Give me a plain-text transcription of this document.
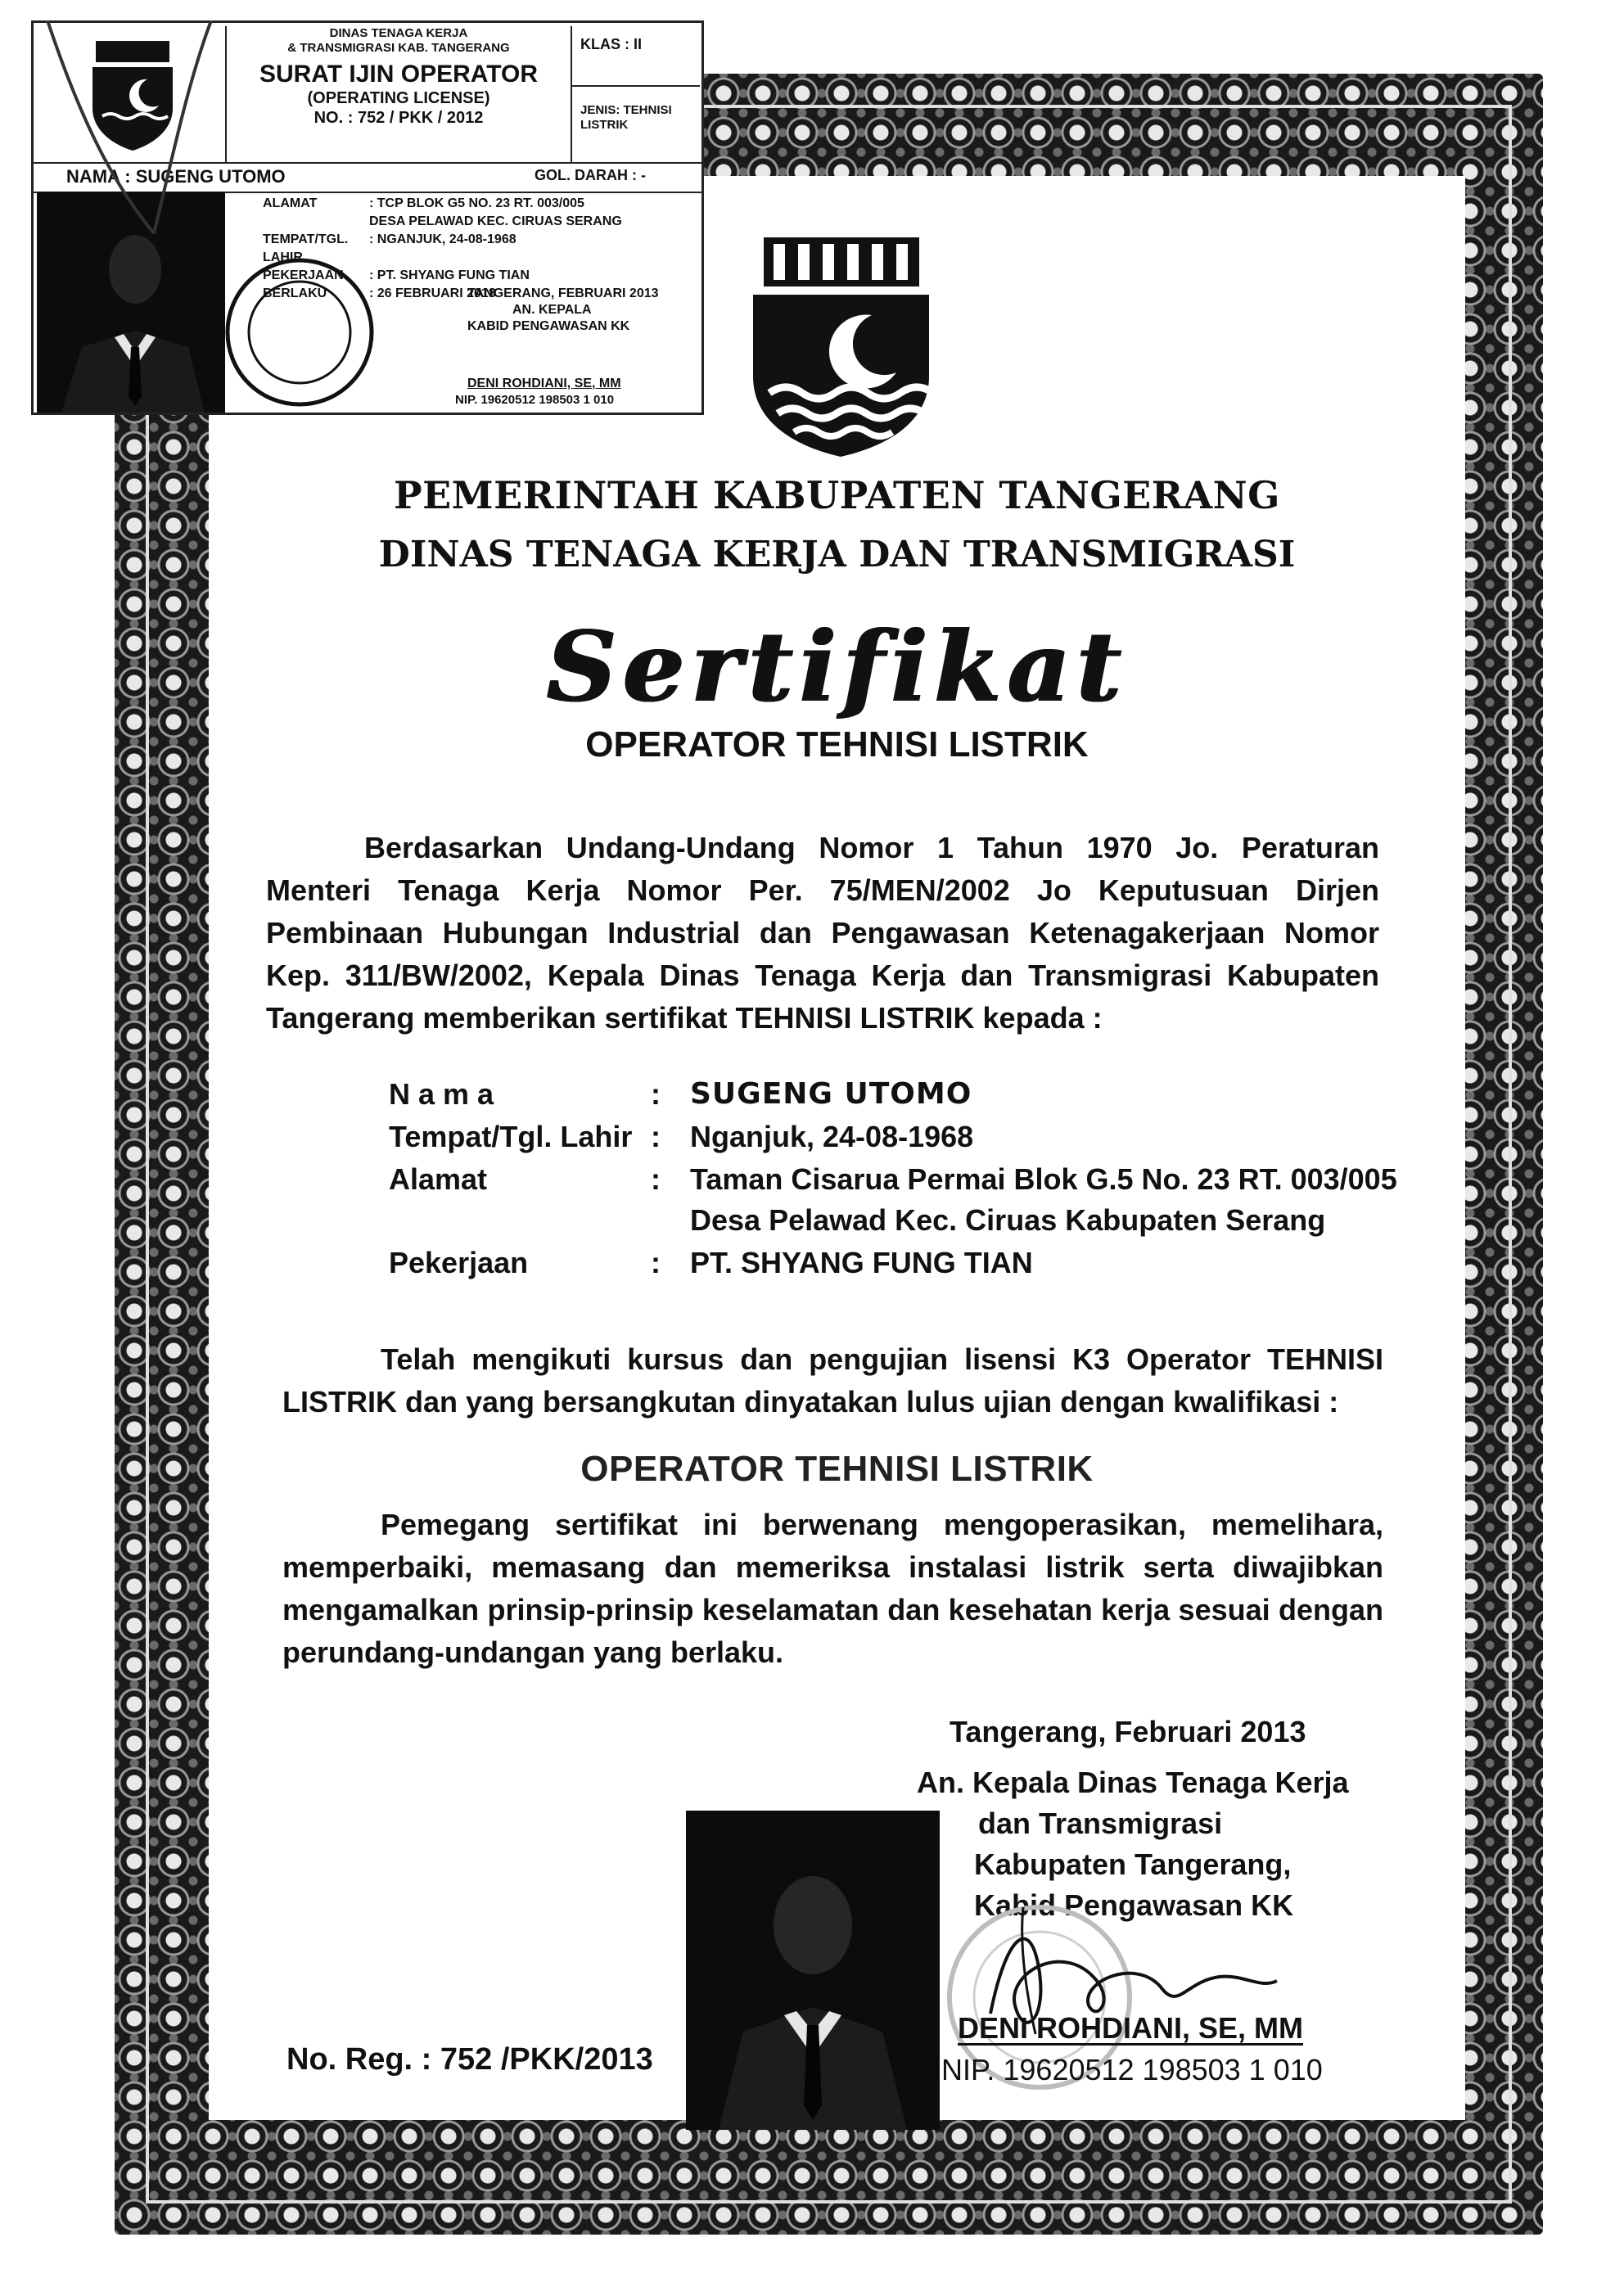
PEMERINTAH KABUPATEN TANGERANG
DINAS TENAGA KERJA DAN TRANSMIGRASI
Sertifikat
OPERATOR TEHNISI LISTRIK
Berdasarkan Undang-Undang Nomor 1 Tahun 1970 Jo. Peraturan Menteri Tenaga Kerja Nomor Per. 75/MEN/2002 Jo Keputusuan Dirjen Pembinaan Hubungan Industrial dan Pengawasan Ketenagakerjaan Nomor Kep. 311/BW/2002, Kepala Dinas Tenaga Kerja dan Transmigrasi Kabupaten Tangerang memberikan sertifikat TEHNISI LISTRIK kepada :
N a m a	:	SUGENG UTOMO
Tempat/Tgl. Lahir :	Nganjuk, 24-08-1968
Alamat	:	Taman Cisarua Permai Blok G.5 No. 23 RT. 003/005
Desa Pelawad Kec. Ciruas Kabupaten Serang
Pekerjaan	:	PT. SHYANG FUNG TIAN
Telah mengikuti kursus dan pengujian lisensi K3 Operator TEHNISI LISTRIK dan yang bersangkutan dinyatakan lulus ujian dengan kwalifikasi :
OPERATOR TEHNISI LISTRIK
Pemegang sertifikat ini berwenang mengoperasikan, memelihara, memperbaiki, memasang dan memeriksa instalasi listrik serta diwajibkan mengamalkan prinsip-prinsip keselamatan dan kesehatan kerja sesuai dengan perundang-undangan yang berlaku.
Tangerang, Februari 2013
An. Kepala Dinas Tenaga Kerja
dan Transmigrasi
Kabupaten Tangerang,
Kabid Pengawasan KK
DENI ROHDIANI, SE, MM
NIP. 19620512 198503 1 010
No. Reg. : 752 /PKK/2013
DINAS TENAGA KERJA
& TRANSMIGRASI KAB. TANGERANG
SURAT IJIN OPERATOR
(OPERATING LICENSE)
NO. : 752 / PKK / 2012
KLAS : II
JENIS: TEHNISI LISTRIK
NAMA : SUGENG UTOMO	GOL. DARAH : -
ALAMAT	: TCP BLOK G5 NO. 23 RT. 003/005
DESA PELAWAD KEC. CIRUAS SERANG
TEMPAT/TGL. LAHIR
: NGANJUK, 24-08-1968
PEKERJAAN	: PT. SHYANG FUNG TIAN
BERLAKU	: 26 FEBRUARI 2018
TANGERANG, FEBRUARI 2013
AN. KEPALA
KABID PENGAWASAN KK
DENI ROHDIANI, SE, MM
NIP. 19620512 198503 1 010
